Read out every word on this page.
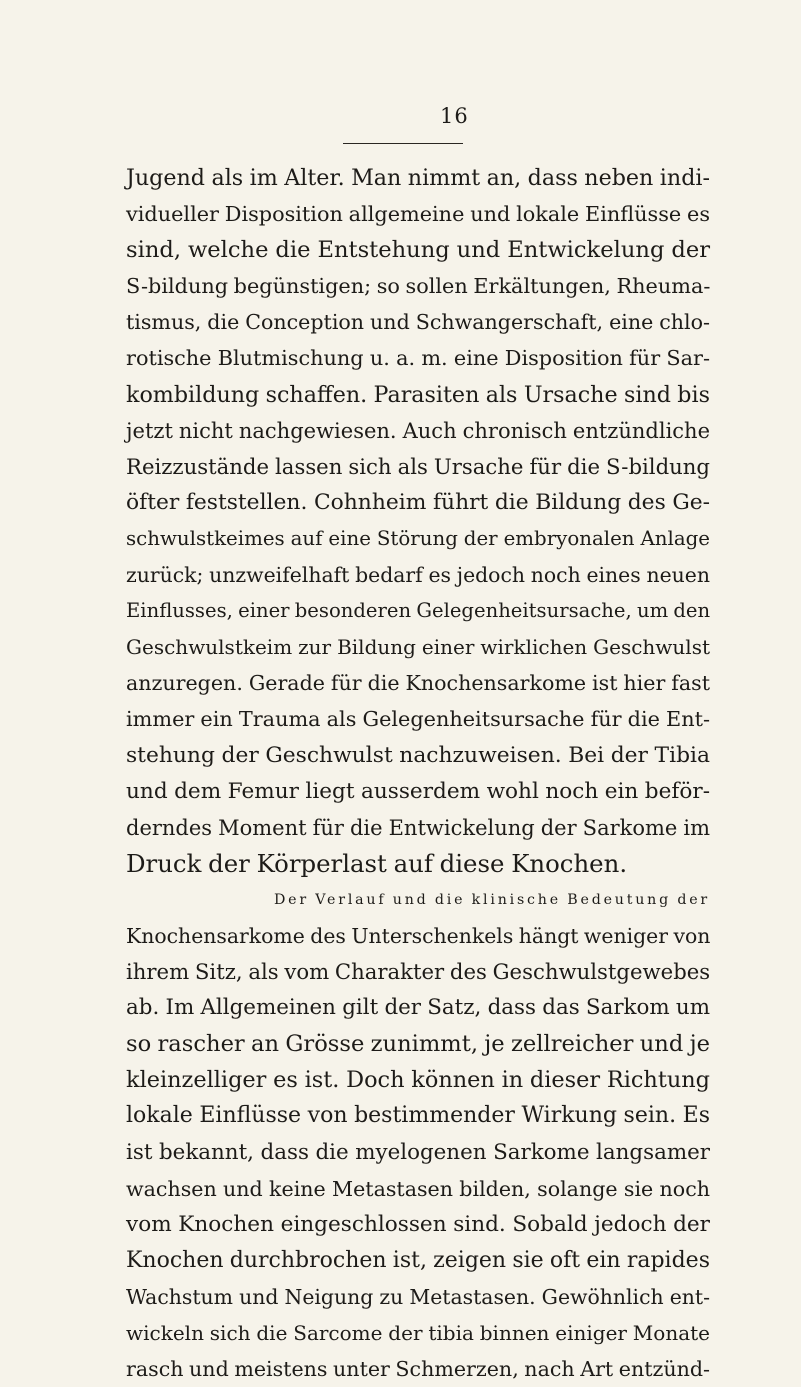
16
Jugend als im Alter. Man nimmt an, dass neben indi-
vidueller Disposition allgemeine und lokale Einflüsse es
sind, welche die Entstehung und Entwickelung der
S-bildung begünstigen; so sollen Erkältungen, Rheuma-
tismus, die Conception und Schwangerschaft, eine chlo-
rotische Blutmischung u. a. m. eine Disposition für Sar-
kombildung schaffen. Parasiten als Ursache sind bis
jetzt nicht nachgewiesen. Auch chronisch entzündliche
Reizzustände lassen sich als Ursache für die S-bildung
öfter feststellen. Cohnheim führt die Bildung des Ge-
schwulstkeimes auf eine Störung der embryonalen Anlage
zurück; unzweifelhaft bedarf es jedoch noch eines neuen
Einflusses, einer besonderen Gelegenheitsursache, um den
Geschwulstkeim zur Bildung einer wirklichen Geschwulst
anzuregen. Gerade für die Knochensarkome ist hier fast
immer ein Trauma als Gelegenheitsursache für die Ent-
stehung der Geschwulst nachzuweisen. Bei der Tibia
und dem Femur liegt ausserdem wohl noch ein beför-
derndes Moment für die Entwickelung der Sarkome im
Druck der Körperlast auf diese Knochen.
Der Verlauf und die klinische Bedeutung der
Knochensarkome des Unterschenkels hängt weniger von
ihrem Sitz, als vom Charakter des Geschwulstgewebes
ab. Im Allgemeinen gilt der Satz, dass das Sarkom um
so rascher an Grösse zunimmt, je zellreicher und je
kleinzelliger es ist. Doch können in dieser Richtung
lokale Einflüsse von bestimmender Wirkung sein. Es
ist bekannt, dass die myelogenen Sarkome langsamer
wachsen und keine Metastasen bilden, solange sie noch
vom Knochen eingeschlossen sind. Sobald jedoch der
Knochen durchbrochen ist, zeigen sie oft ein rapides
Wachstum und Neigung zu Metastasen. Gewöhnlich ent-
wickeln sich die Sarcome der tibia binnen einiger Monate
rasch und meistens unter Schmerzen, nach Art entzünd-
